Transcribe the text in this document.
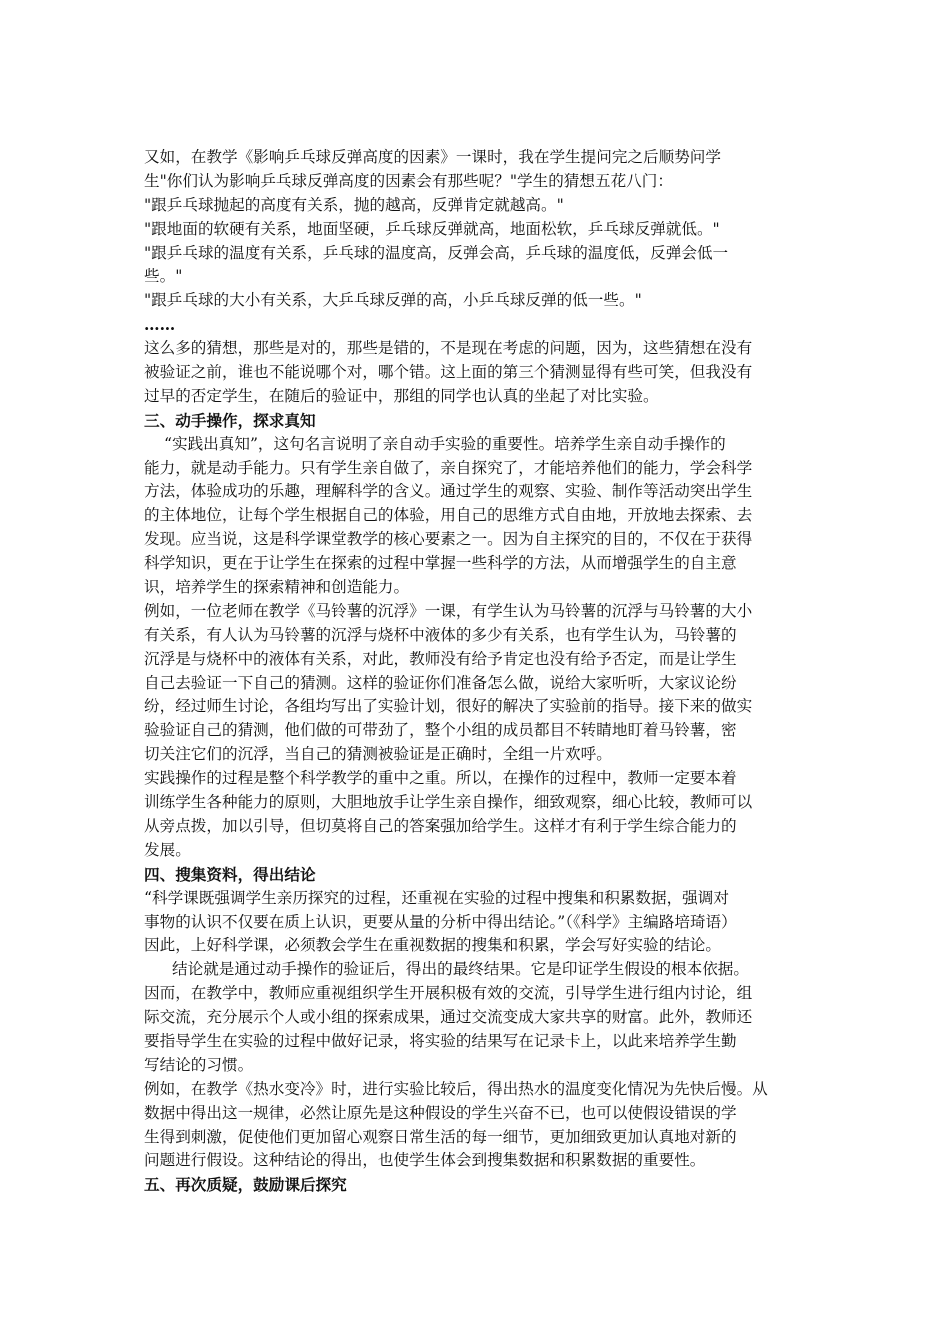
又如，在教学《影响乒乓球反弹高度的因素》一课时，我在学生提问完之后顺势问学
生"你们认为影响乒乓球反弹高度的因素会有那些呢？"学生的猜想五花八门：
"跟乒乓球抛起的高度有关系，抛的越高，反弹肯定就越高。"
"跟地面的软硬有关系，地面坚硬，乒乓球反弹就高，地面松软，乒乓球反弹就低。"
"跟乒乓球的温度有关系，乒乓球的温度高，反弹会高，乒乓球的温度低，反弹会低一
些。"
"跟乒乓球的大小有关系，大乒乓球反弹的高，小乒乓球反弹的低一些。"
……
这么多的猜想，那些是对的，那些是错的，不是现在考虑的问题，因为，这些猜想在没有
被验证之前，谁也不能说哪个对，哪个错。这上面的第三个猜测显得有些可笑，但我没有
过早的否定学生，在随后的验证中，那组的同学也认真的坐起了对比实验。
三、动手操作，探求真知
“实践出真知”，这句名言说明了亲自动手实验的重要性。培养学生亲自动手操作的
能力，就是动手能力。只有学生亲自做了，亲自探究了，才能培养他们的能力，学会科学
方法，体验成功的乐趣，理解科学的含义。通过学生的观察、实验、制作等活动突出学生
的主体地位，让每个学生根据自己的体验，用自己的思维方式自由地，开放地去探索、去
发现。应当说，这是科学课堂教学的核心要素之一。因为自主探究的目的，不仅在于获得
科学知识，更在于让学生在探索的过程中掌握一些科学的方法，从而增强学生的自主意
识，培养学生的探索精神和创造能力。
例如，一位老师在教学《马铃薯的沉浮》一课，有学生认为马铃薯的沉浮与马铃薯的大小
有关系，有人认为马铃薯的沉浮与烧杯中液体的多少有关系，也有学生认为，马铃薯的
沉浮是与烧杯中的液体有关系，对此，教师没有给予肯定也没有给予否定，而是让学生
自己去验证一下自己的猜测。这样的验证你们准备怎么做，说给大家听听，大家议论纷
纷，经过师生讨论，各组均写出了实验计划，很好的解决了实验前的指导。接下来的做实
验验证自己的猜测，他们做的可带劲了，整个小组的成员都目不转睛地盯着马铃薯，密
切关注它们的沉浮，当自己的猜测被验证是正确时，全组一片欢呼。
实践操作的过程是整个科学教学的重中之重。所以，在操作的过程中，教师一定要本着
训练学生各种能力的原则，大胆地放手让学生亲自操作，细致观察，细心比较，教师可以
从旁点拨，加以引导，但切莫将自己的答案强加给学生。这样才有利于学生综合能力的
发展。
四、搜集资料，得出结论
“科学课既强调学生亲历探究的过程，还重视在实验的过程中搜集和积累数据，强调对
事物的认识不仅要在质上认识，更要从量的分析中得出结论。”（《科学》主编路培琦语）
因此，上好科学课，必须教会学生在重视数据的搜集和积累，学会写好实验的结论。
结论就是通过动手操作的验证后，得出的最终结果。它是印证学生假设的根本依据。
因而，在教学中，教师应重视组织学生开展积极有效的交流，引导学生进行组内讨论，组
际交流，充分展示个人或小组的探索成果，通过交流变成大家共享的财富。此外，教师还
要指导学生在实验的过程中做好记录，将实验的结果写在记录卡上，以此来培养学生勤
写结论的习惯。
例如，在教学《热水变冷》时，进行实验比较后，得出热水的温度变化情况为先快后慢。从
数据中得出这一规律，必然让原先是这种假设的学生兴奋不已，也可以使假设错误的学
生得到刺激，促使他们更加留心观察日常生活的每一细节，更加细致更加认真地对新的
问题进行假设。这种结论的得出，也使学生体会到搜集数据和积累数据的重要性。
五、再次质疑，鼓励课后探究
